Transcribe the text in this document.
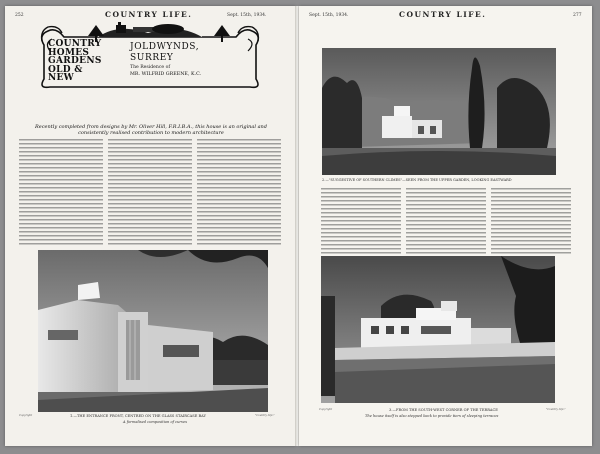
252	COUNTRY LIFE.	Sept. 15th, 1934.
COUNTRY
HOMES
GARDENS
OLD & NEW
JOLDWYNDS,
SURREY
The Residence of
MR. WILFRID GREENE, K.C.
Recently completed from designs by Mr. Oliver Hill, F.R.I.B.A., this house is an original and consistently realised contribution to modern architecture
Copyright	1.—THE ENTRANCE FRONT, CENTRED ON THE GLASS STAIRCASE BAY	"Country Life."
A formalised composition of curves
Sept. 15th, 1934.	COUNTRY LIFE.	277
2.—"SUGGESTIVE OF SOUTHERN CLIMES"—SEEN FROM THE UPPER GARDEN, LOOKING EASTWARD
Copyright	3.—FROM THE SOUTH-WEST CORNER OF THE TERRACE	"Country Life."
The house itself is also stepped back to provide tiers of sleeping terraces
